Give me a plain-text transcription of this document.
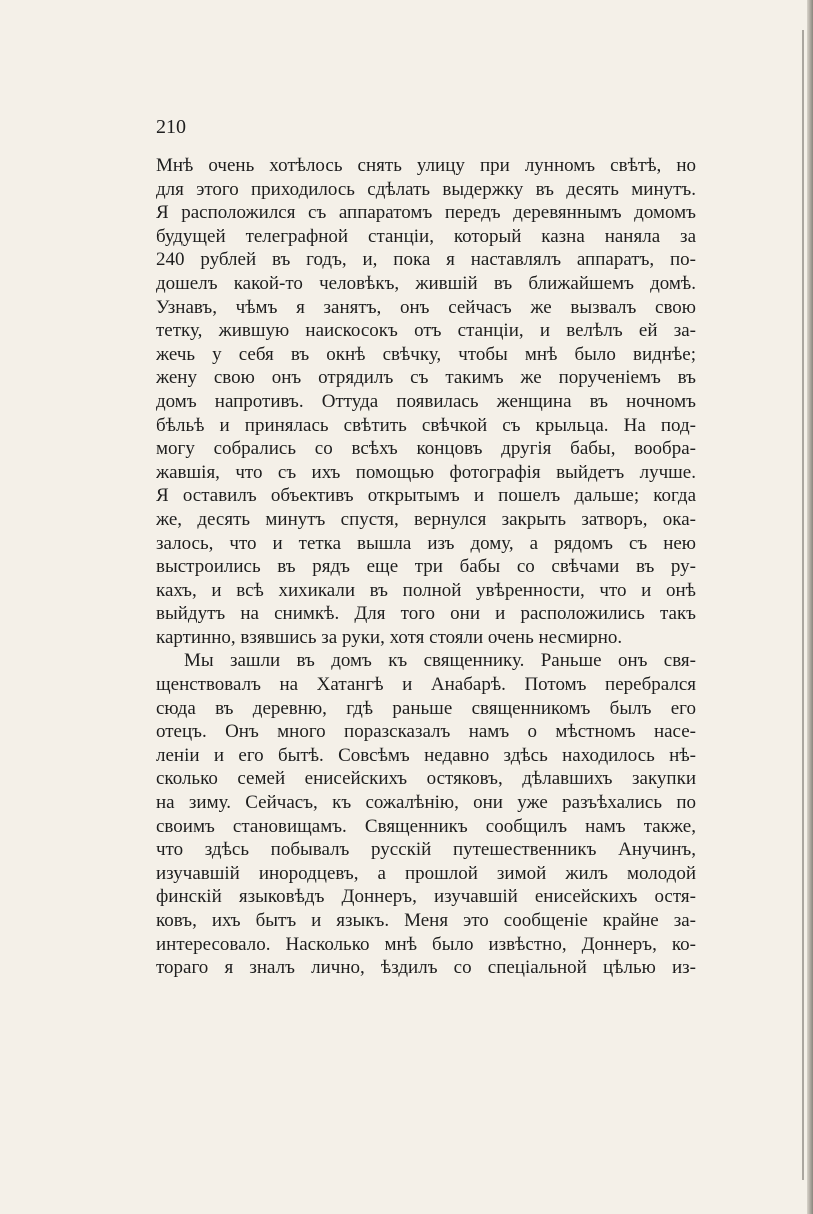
210
Мнѣ очень хотѣлось снять улицу при лунномъ свѣтѣ, но
для этого приходилось сдѣлать выдержку въ десять минутъ.
Я расположился съ аппаратомъ передъ деревяннымъ домомъ
будущей телеграфной станціи, который казна наняла за
240 рублей въ годъ, и, пока я наставлялъ аппаратъ, по-
дошелъ какой-то человѣкъ, жившій въ ближайшемъ домѣ.
Узнавъ, чѣмъ я занятъ, онъ сейчасъ же вызвалъ свою
тетку, жившую наискосокъ отъ станціи, и велѣлъ ей за-
жечь у себя въ окнѣ свѣчку, чтобы мнѣ было виднѣе;
жену свою онъ отрядилъ съ такимъ же порученіемъ въ
домъ напротивъ. Оттуда появилась женщина въ ночномъ
бѣльѣ и принялась свѣтить свѣчкой съ крыльца. На под-
могу собрались со всѣхъ концовъ другія бабы, вообра-
жавшія, что съ ихъ помощью фотографія выйдетъ лучше.
Я оставилъ объективъ открытымъ и пошелъ дальше; когда
же, десять минутъ спустя, вернулся закрыть затворъ, ока-
залось, что и тетка вышла изъ дому, а рядомъ съ нею
выстроились въ рядъ еще три бабы со свѣчами въ ру-
кахъ, и всѣ хихикали въ полной увѣренности, что и онѣ
выйдутъ на снимкѣ. Для того они и расположились такъ
картинно, взявшись за руки, хотя стояли очень несмирно.
Мы зашли въ домъ къ священнику. Раньше онъ свя-
щенствовалъ на Хатангѣ и Анабарѣ. Потомъ перебрался
сюда въ деревню, гдѣ раньше священникомъ былъ его
отецъ. Онъ много поразсказалъ намъ о мѣстномъ насе-
леніи и его бытѣ. Совсѣмъ недавно здѣсь находилось нѣ-
сколько семей енисейскихъ остяковъ, дѣлавшихъ закупки
на зиму. Сейчасъ, къ сожалѣнію, они уже разъѣхались по
своимъ становищамъ. Священникъ сообщилъ намъ также,
что здѣсь побывалъ русскій путешественникъ Анучинъ,
изучавшій инородцевъ, а прошлой зимой жилъ молодой
финскій языковѣдъ Доннеръ, изучавшій енисейскихъ остя-
ковъ, ихъ бытъ и языкъ. Меня это сообщеніе крайне за-
интересовало. Насколько мнѣ было извѣстно, Доннеръ, ко-
тораго я зналъ лично, ѣздилъ со спеціальной цѣлью из-
